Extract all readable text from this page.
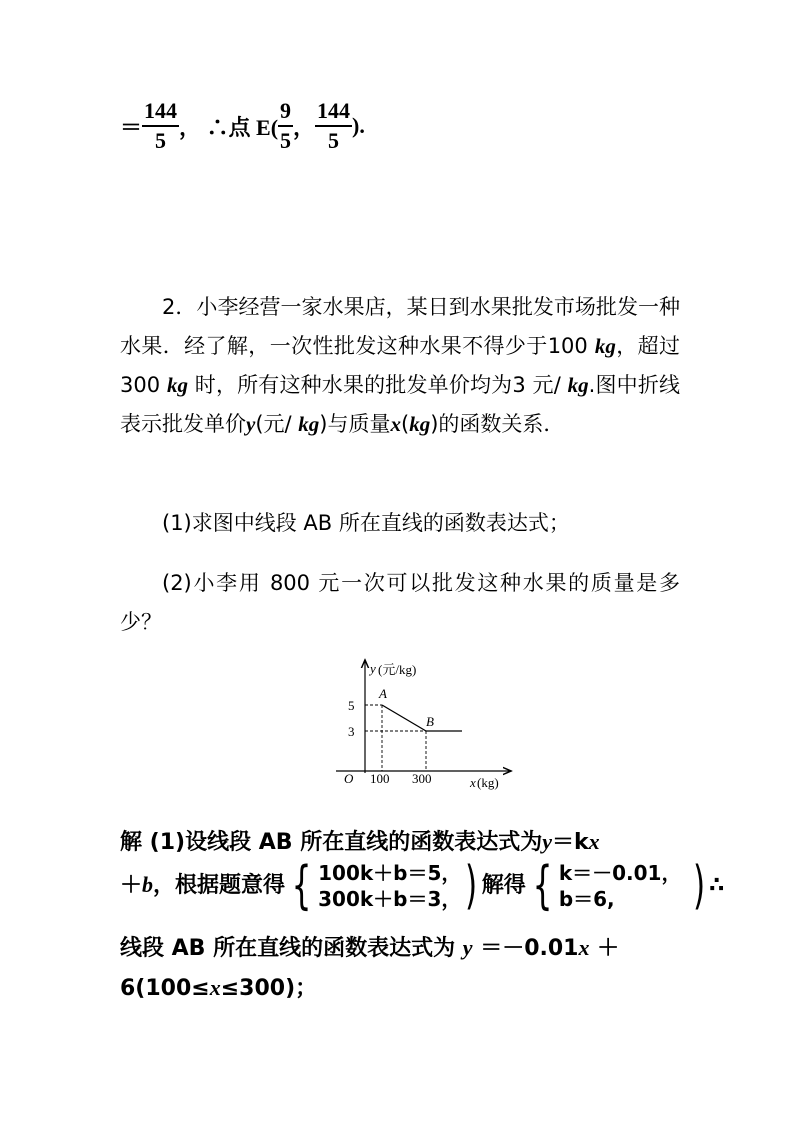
＝ $\frac{144}{5}$ ， ∴点 $E( \frac{9}{5}$ ， $\frac{144}{5}$ ).
2．小李经营一家水果店，某日到水果批发市场批发一种水果．经了解，一次性批发这种水果不得少于100 kg，超过 300 kg 时，所有这种水果的批发单价均为3 元/ kg.图中折线表示批发单价y(元/ kg)与质量x(kg)的函数关系．
(1)求图中线段 AB 所在直线的函数表达式；
(2)小李用 800 元一次可以批发这种水果的质量是多少？
y (元/kg)
x (kg)
O
5
3
100 300
A
B
解 (1)设线段 AB 所在直线的函数表达式为y＝kx
＋b，根据题意得 { 100k＋b＝5，
300k＋b＝3， ) 解得 { k＝－0.01，
b＝6,	) ∴
线段 AB 所在直线的函数表达式为 y ＝－0.01x ＋
6(100≤x≤300)；
